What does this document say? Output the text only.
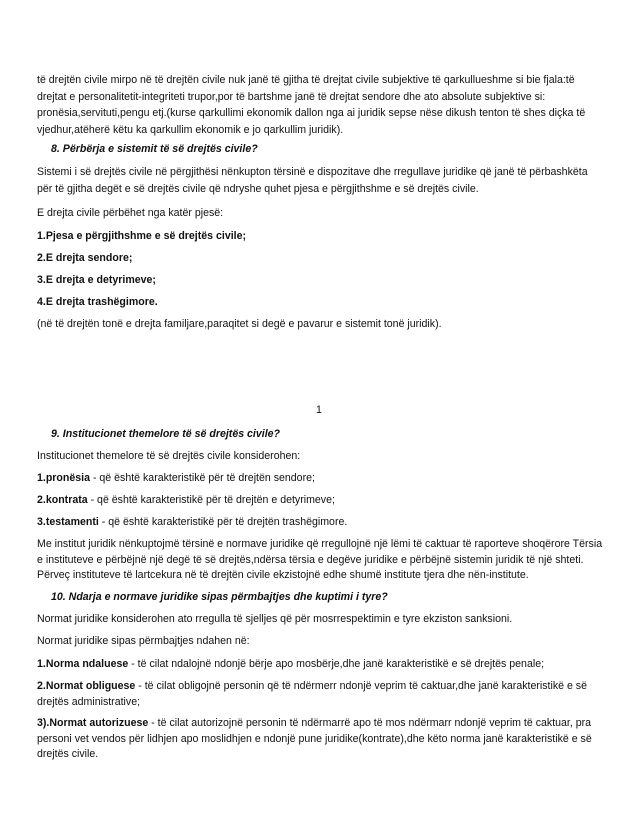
të drejtën civile mirpo në të drejtën civile nuk janë të gjitha të drejtat civile subjektive të qarkullueshme si bie fjala:të drejtat e personalitetit-integriteti trupor,por të bartshme janë të drejtat sendore dhe ato absolute subjektive si: pronësia,servituti,pengu etj.(kurse qarkullimi ekonomik dallon nga ai juridik sepse nëse dikush tenton të shes diçka të vjedhur,atëherë këtu ka qarkullim ekonomik e jo qarkullim juridik).

8. Përbërja e sistemit të së drejtës civile?

Sistemi i së drejtës civile në përgjithësi nënkupton tërsinë e dispozitave dhe rregullave juridike që janë të përbashkëta për të gjitha degët e së drejtës civile që ndryshe quhet pjesa e përgjithshme e së drejtës civile.

E drejta civile përbëhet nga katër pjesë:

1.Pjesa e përgjithshme e së drejtës civile;

2.E drejta sendore;

3.E drejta e detyrimeve;

4.E drejta trashëgimore.

(në të drejtën tonë e drejta familjare,paraqitet si degë e pavarur e sistemit tonë juridik).

1

9. Institucionet themelore të së drejtës civile?

Institucionet themelore të së drejtës civile konsiderohen:

1.pronësia - që është karakteristikë për të drejtën sendore;

2.kontrata - që është karakteristikë për të drejtën e detyrimeve;

3.testamenti - që është karakteristikë për të drejtën trashëgimore.

Me institut juridik nënkuptojmë tërsinë e normave juridike që rregullojnë një lëmi të caktuar të raporteve shoqërore Tërsia e instituteve e përbëjnë një degë të së drejtës,ndërsa tërsia e degëve juridike e përbëjnë sistemin juridik të një shteti. Përveç instituteve të lartcekura në të drejtën civile ekzistojnë edhe shumë institute tjera dhe nën-institute.

10. Ndarja e normave juridike sipas përmbajtjes dhe kuptimi i tyre?

Normat juridike konsiderohen ato rregulla të sjelljes që për mosrrespektimin e tyre ekziston sanksioni.

Normat juridike sipas përmbajtjes ndahen në:

1.Norma ndaluese - të cilat ndalojnë ndonjë bërje apo mosbërje,dhe janë karakteristikë e së drejtës penale;

2.Normat obliguese - të cilat obligojnë personin që të ndërmerr ndonjë veprim të caktuar,dhe janë karakteristikë e së drejtës administrative;

3).Normat autorizuese - të cilat autorizojnë personin të ndërmarrë apo të mos ndërmarr ndonjë veprim të caktuar, pra personi vet vendos për lidhjen apo moslidhjen e ndonjë pune juridike(kontrate),dhe këto norma janë karakteristikë e së drejtës civile.
